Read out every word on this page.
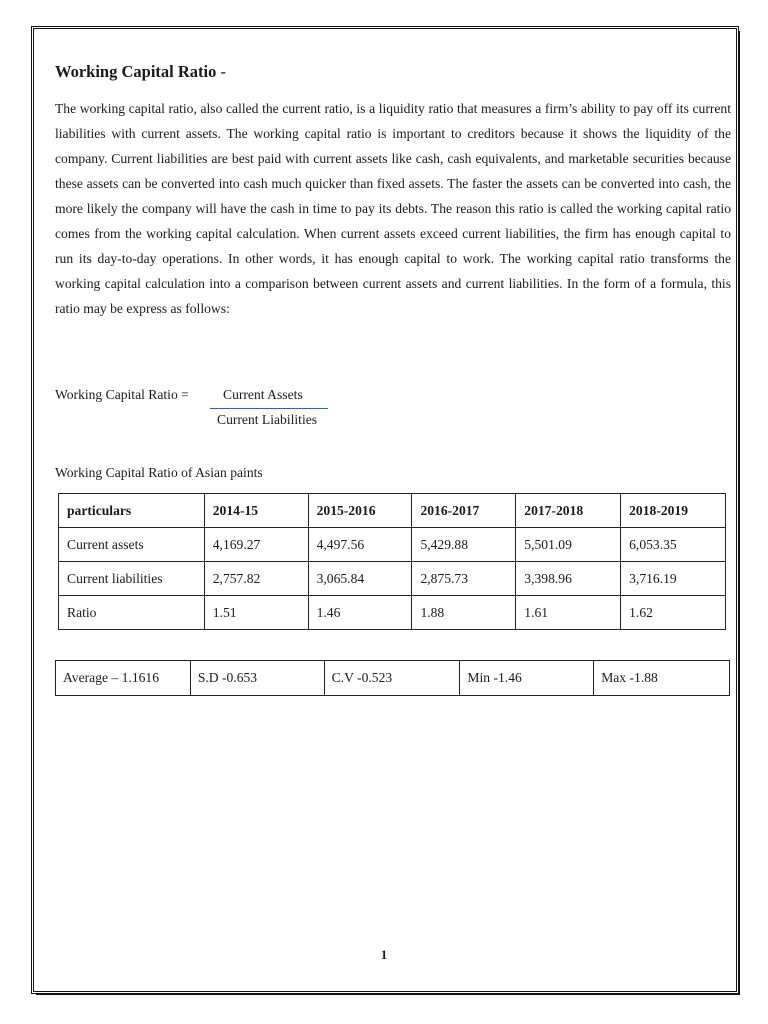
Working Capital Ratio -
The working capital ratio, also called the current ratio, is a liquidity ratio that measures a firm’s ability to pay off its current liabilities with current assets. The working capital ratio is important to creditors because it shows the liquidity of the company. Current liabilities are best paid with current assets like cash, cash equivalents, and marketable securities because these assets can be converted into cash much quicker than fixed assets. The faster the assets can be converted into cash, the more likely the company will have the cash in time to pay its debts. The reason this ratio is called the working capital ratio comes from the working capital calculation. When current assets exceed current liabilities, the firm has enough capital to run its day-to-day operations. In other words, it has enough capital to work. The working capital ratio transforms the working capital calculation into a comparison between current assets and current liabilities. In the form of a formula, this ratio may be express as follows:
Working Capital Ratio =	Current Assets
Current Liabilities
Working Capital Ratio of Asian paints
particulars	2014-15	2015-2016	2016-2017	2017-2018	2018-2019
Current assets	4,169.27	4,497.56	5,429.88	5,501.09	6,053.35
Current liabilities	2,757.82	3,065.84	2,875.73	3,398.96	3,716.19
Ratio	1.51	1.46	1.88	1.61	1.62
Average – 1.1616	S.D -0.653	C.V -0.523	Min -1.46	Max -1.88
1
